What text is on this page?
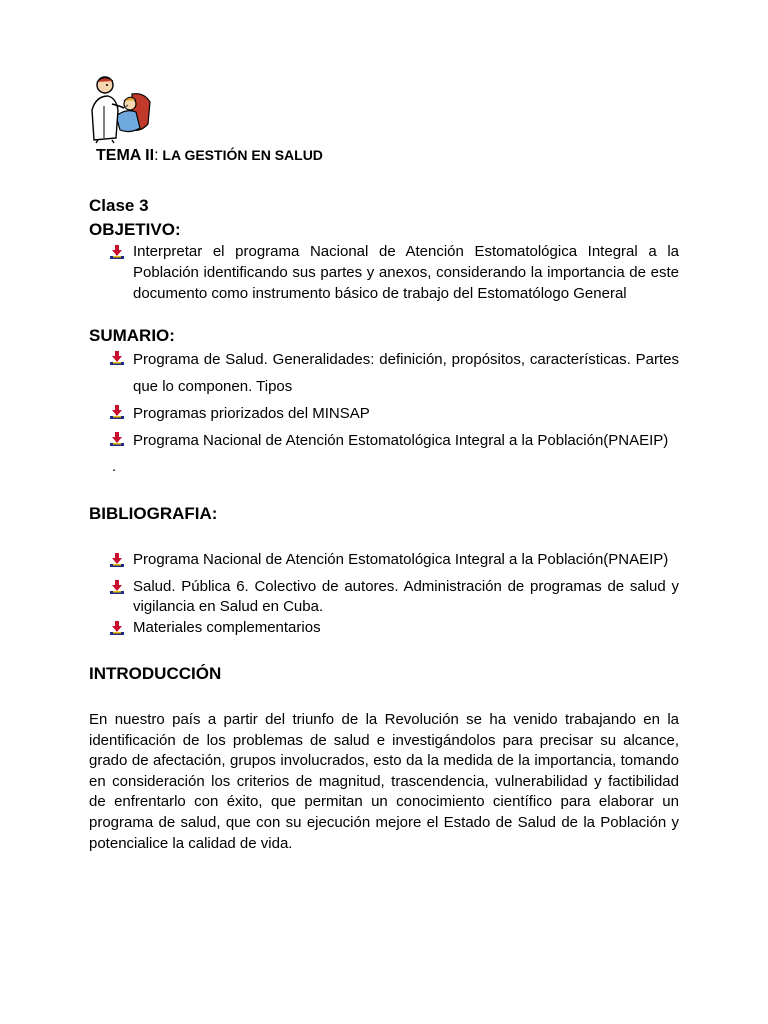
TEMA II: LA GESTIÓN EN SALUD
Clase 3
OBJETIVO:
Interpretar el programa Nacional de Atención Estomatológica Integral a la Población identificando sus partes y anexos, considerando la importancia de este documento como instrumento básico de trabajo del Estomatólogo General
SUMARIO:
Programa de Salud. Generalidades: definición, propósitos, características. Partes que lo componen. Tipos
Programas priorizados del MINSAP
Programa Nacional de Atención Estomatológica Integral a la Población(PNAEIP)
.
BIBLIOGRAFIA:
Programa Nacional de Atención Estomatológica Integral a la Población(PNAEIP)
Salud. Pública 6. Colectivo de autores. Administración de programas de salud y vigilancia en Salud en Cuba.
Materiales complementarios
INTRODUCCIÓN

En nuestro país a partir del triunfo de la Revolución se ha venido trabajando en la identificación de los problemas de salud e investigándolos para precisar su alcance, grado de afectación, grupos involucrados, esto da la medida de la importancia, tomando en consideración los criterios de magnitud, trascendencia, vulnerabilidad y factibilidad de enfrentarlo con éxito, que permitan un conocimiento científico para elaborar un programa de salud, que con su ejecución mejore el Estado de Salud de la Población y potencialice la calidad de vida.
